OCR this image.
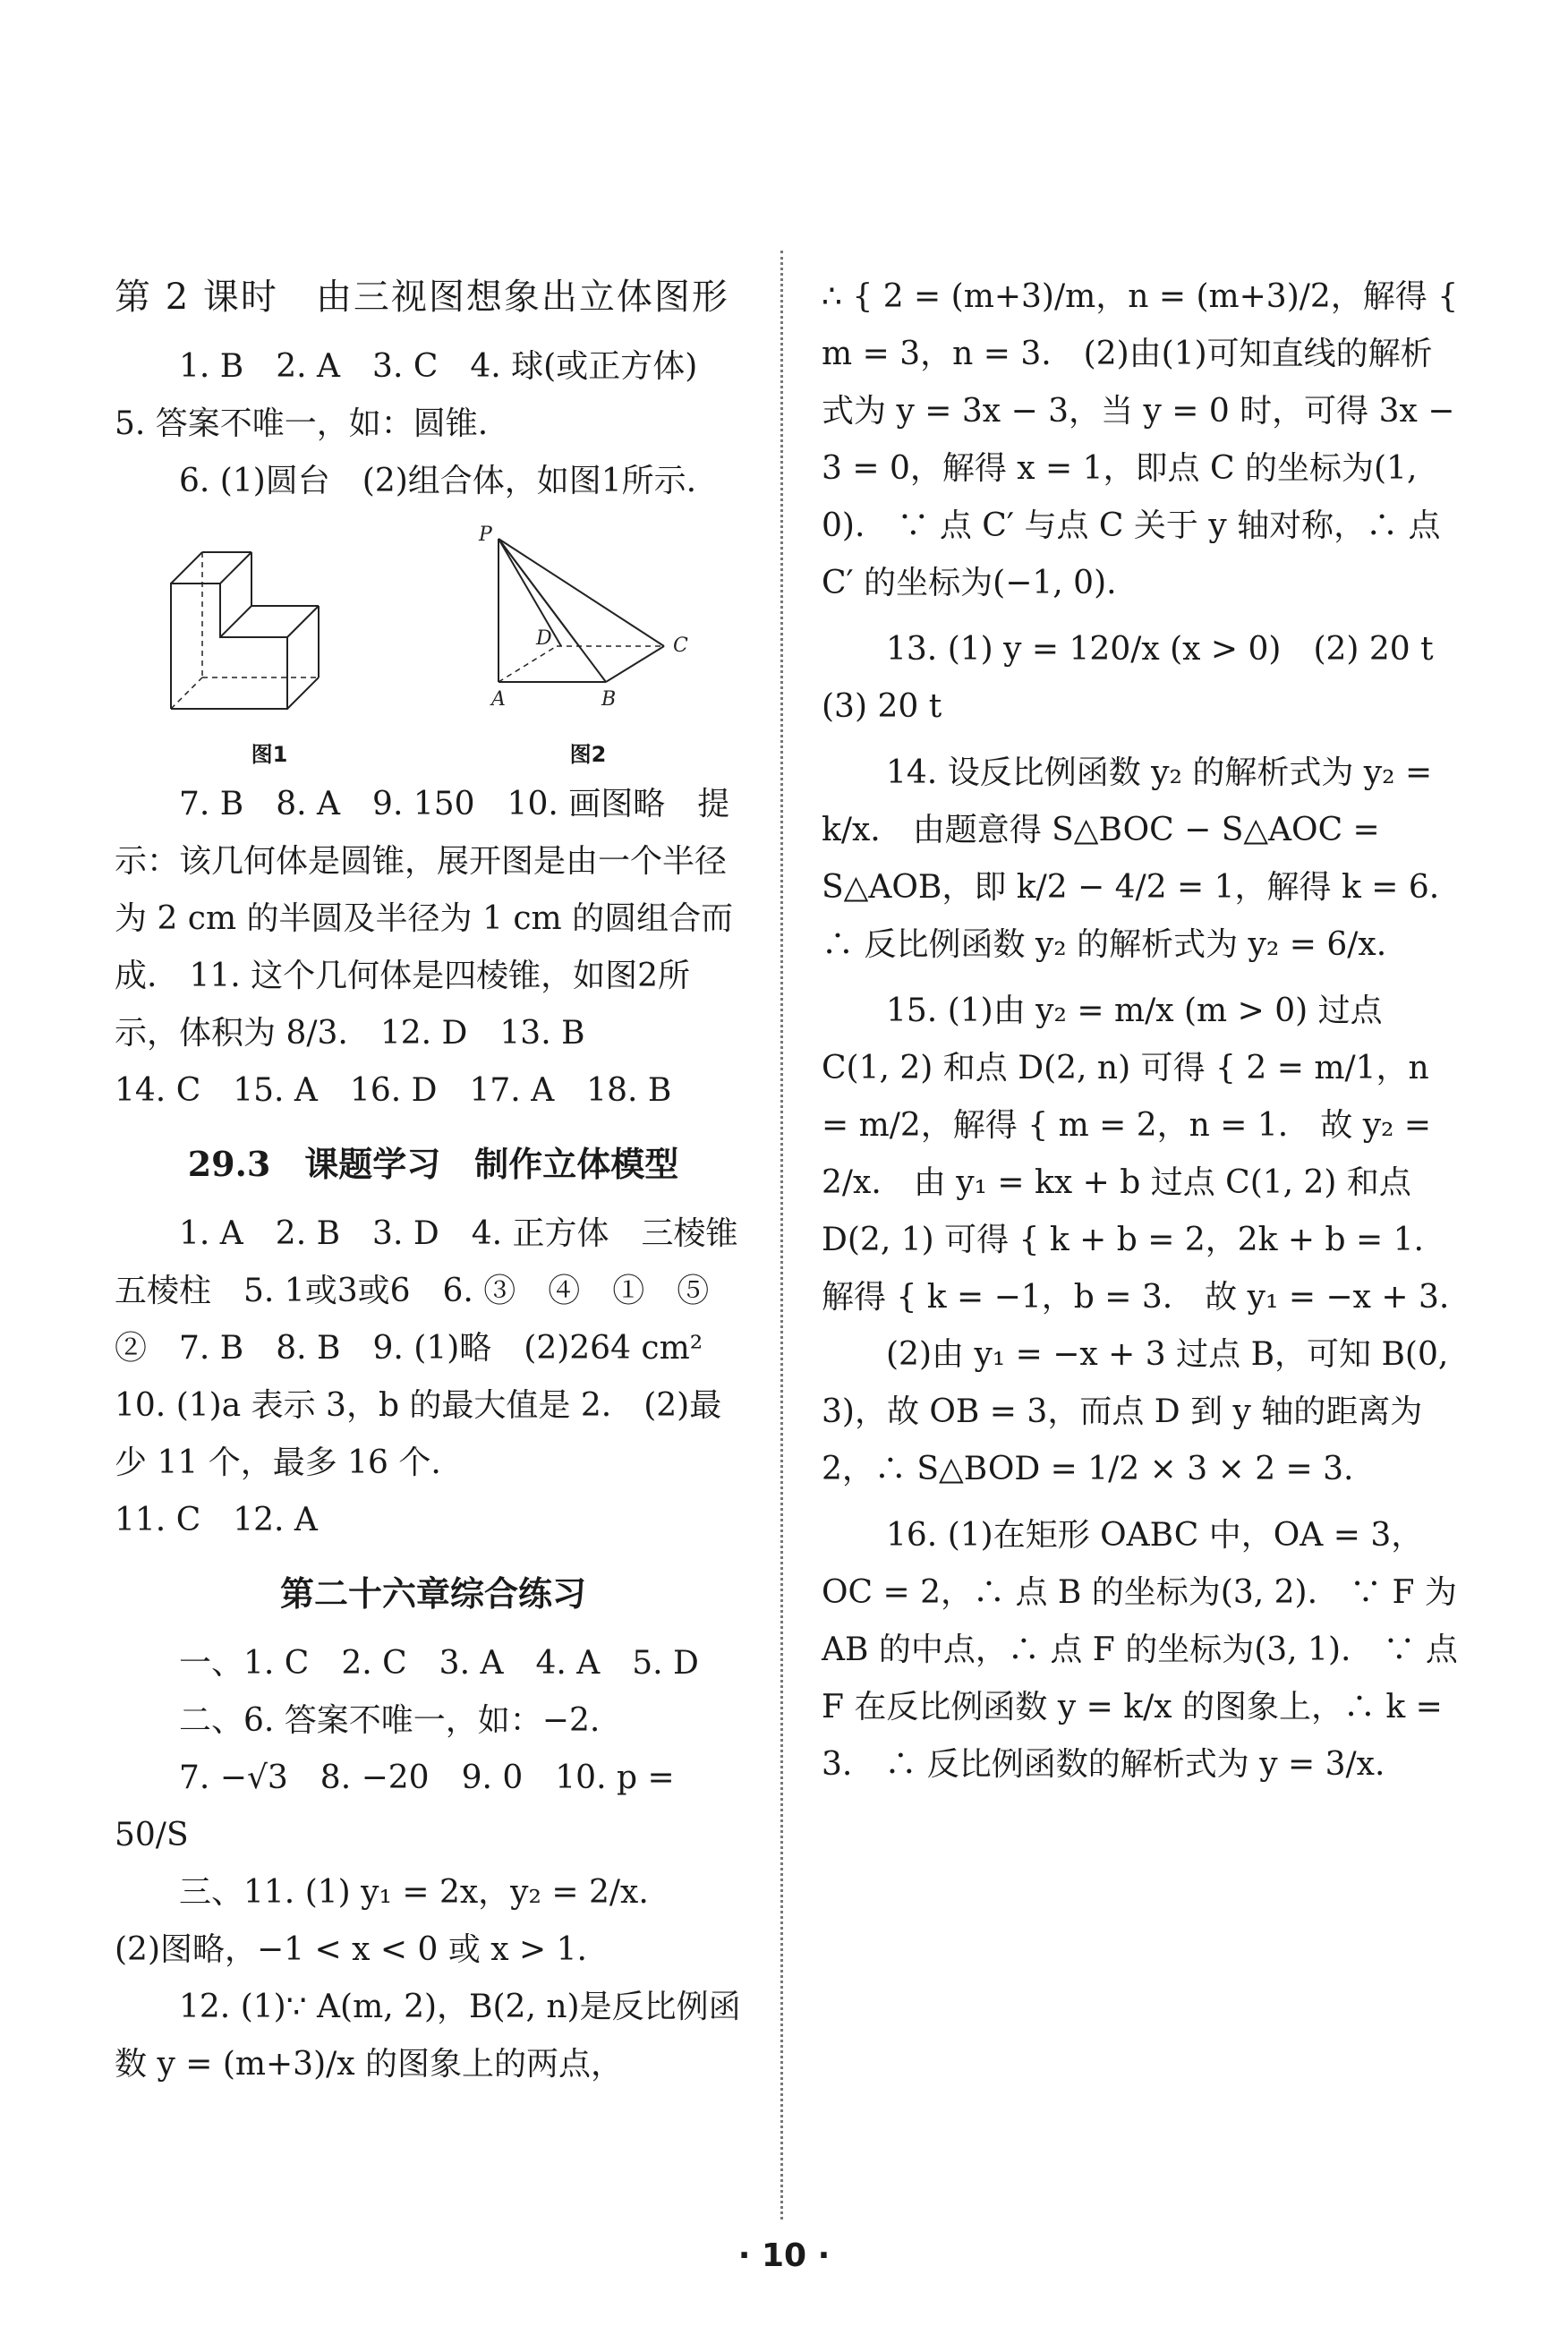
第 2 课时　由三视图想象出立体图形

1. B　2. A　3. C　4. 球(或正方体)　5. 答案不唯一，如：圆锥.

6. (1)圆台　(2)组合体，如图1所示.

图1
P
D	C
A	B
图2

7. B　8. A　9. 150　10. 画图略　提示：该几何体是圆锥，展开图是由一个半径为 2 cm 的半圆及半径为 1 cm 的圆组合而成.　11. 这个几何体是四棱锥，如图2所示，体积为 8/3.　12. D　13. B

14. C　15. A　16. D　17. A　18. B

29.3　课题学习　制作立体模型

1. A　2. B　3. D　4. 正方体　三棱锥　五棱柱　5. 1或3或6　6. ③　④　①　⑤　②　7. B　8. B　9. (1)略　(2)264 cm²　10. (1)a 表示 3，b 的最大值是 2.　(2)最少 11 个，最多 16 个.

11. C　12. A

第二十六章综合练习

一、1. C　2. C　3. A　4. A　5. D

二、6. 答案不唯一，如：−2.

7. −√3　8. −20　9. 0　10. p = 50/S

三、11. (1) y₁ = 2x，y₂ = 2/x.

(2)图略，−1 < x < 0 或 x > 1.

12. (1)∵ A(m, 2)，B(2, n)是反比例函数 y = (m+3)/x 的图象上的两点，

∴ { 2 = (m+3)/m，n = (m+3)/2，解得 { m = 3，n = 3.　(2)由(1)可知直线的解析式为 y = 3x − 3，当 y = 0 时，可得 3x − 3 = 0，解得 x = 1，即点 C 的坐标为(1, 0).　∵ 点 C′ 与点 C 关于 y 轴对称，∴ 点 C′ 的坐标为(−1, 0).

13. (1) y = 120/x (x > 0)　(2) 20 t　(3) 20 t

14. 设反比例函数 y₂ 的解析式为 y₂ = k/x.　由题意得 S△BOC − S△AOC = S△AOB，即 k/2 − 4/2 = 1，解得 k = 6.　∴ 反比例函数 y₂ 的解析式为 y₂ = 6/x.

15. (1)由 y₂ = m/x (m > 0) 过点 C(1, 2) 和点 D(2, n) 可得 { 2 = m/1，n = m/2，解得 { m = 2，n = 1.　故 y₂ = 2/x.　由 y₁ = kx + b 过点 C(1, 2) 和点 D(2, 1) 可得 { k + b = 2，2k + b = 1. 解得 { k = −1，b = 3.　故 y₁ = −x + 3.

(2)由 y₁ = −x + 3 过点 B，可知 B(0, 3)，故 OB = 3，而点 D 到 y 轴的距离为 2，∴ S△BOD = 1/2 × 3 × 2 = 3.

16. (1)在矩形 OABC 中，OA = 3，OC = 2，∴ 点 B 的坐标为(3, 2).　∵ F 为 AB 的中点，∴ 点 F 的坐标为(3, 1).　∵ 点 F 在反比例函数 y = k/x 的图象上，∴ k = 3.　∴ 反比例函数的解析式为 y = 3/x.

· 10 ·
